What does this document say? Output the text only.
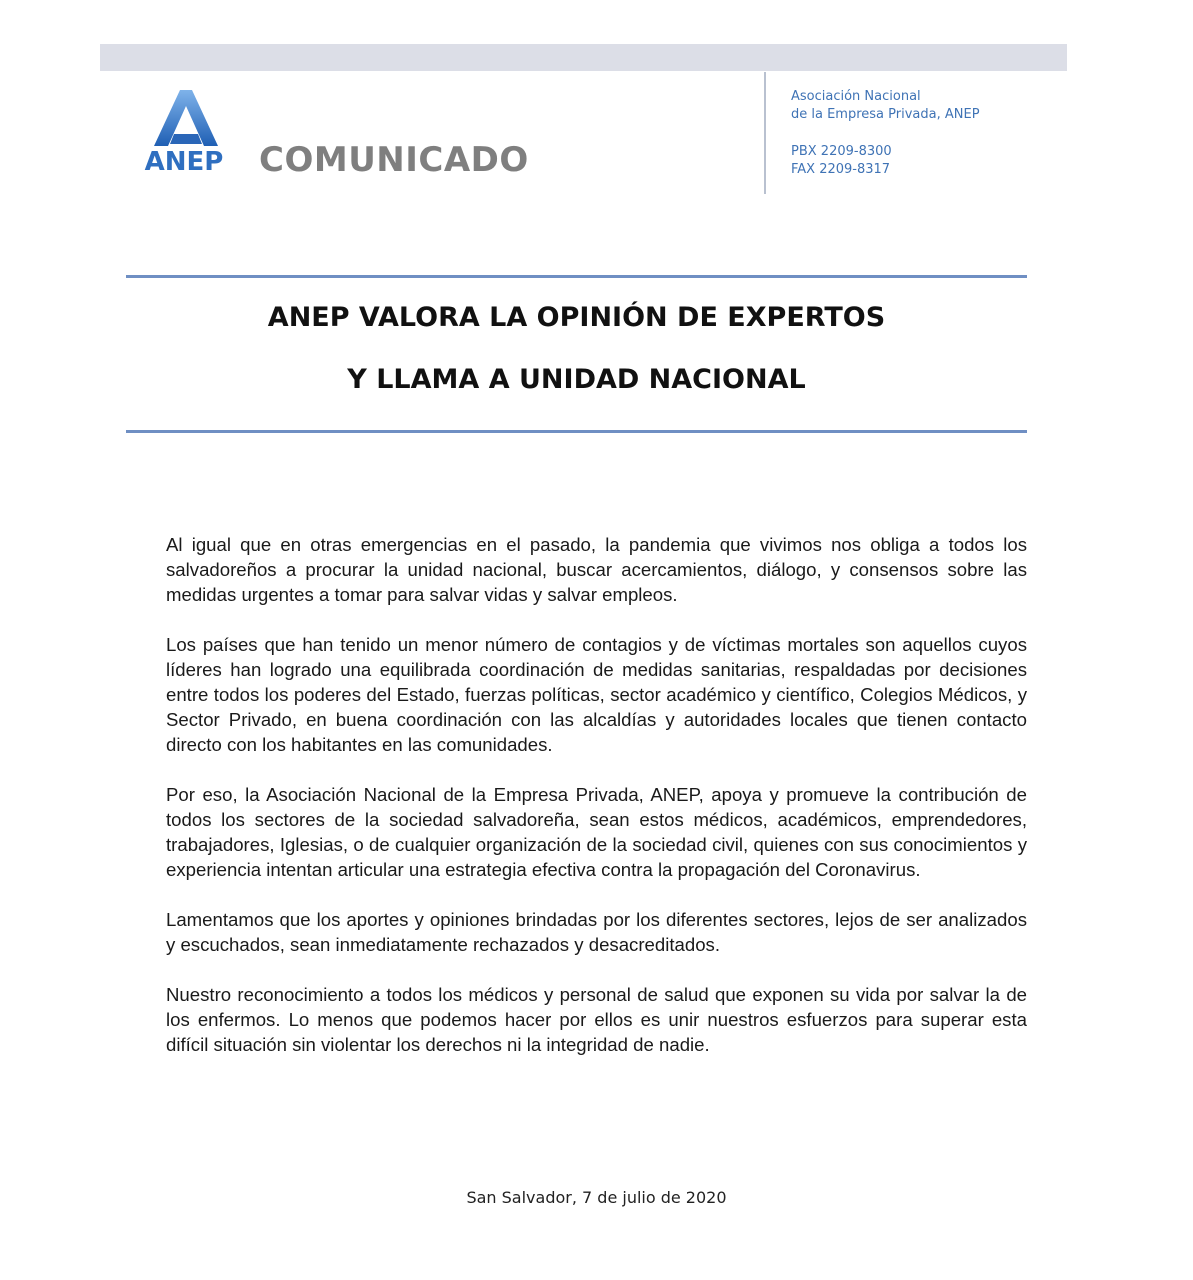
ANEP COMUNICADO
Asociación Nacional
de la Empresa Privada, ANEP
PBX 2209-8300
FAX 2209-8317
ANEP VALORA LA OPINIÓN DE EXPERTOS
Y LLAMA A UNIDAD NACIONAL

Al igual que en otras emergencias en el pasado, la pandemia que vivimos nos obliga a todos los salvadoreños a procurar la unidad nacional, buscar acercamientos, diálogo, y consensos sobre las medidas urgentes a tomar para salvar vidas y salvar empleos.

Los países que han tenido un menor número de contagios y de víctimas mortales son aquellos cuyos líderes han logrado una equilibrada coordinación de medidas sanitarias, respaldadas por decisiones entre todos los poderes del Estado, fuerzas políticas, sector académico y científico, Colegios Médicos, y Sector Privado, en buena coordinación con las alcaldías y autoridades locales que tienen contacto directo con los habitantes en las comunidades.

Por eso, la Asociación Nacional de la Empresa Privada, ANEP, apoya y promueve la contribución de todos los sectores de la sociedad salvadoreña, sean estos médicos, académicos, emprendedores, trabajadores, Iglesias, o de cualquier organización de la sociedad civil, quienes con sus conocimientos y experiencia intentan articular una estrategia efectiva contra la propagación del Coronavirus.

Lamentamos que los aportes y opiniones brindadas por los diferentes sectores, lejos de ser analizados y escuchados, sean inmediatamente rechazados y desacreditados.

Nuestro reconocimiento a todos los médicos y personal de salud que exponen su vida por salvar la de los enfermos. Lo menos que podemos hacer por ellos es unir nuestros esfuerzos para superar esta difícil situación sin violentar los derechos ni la integridad de nadie.

San Salvador, 7 de julio de 2020
